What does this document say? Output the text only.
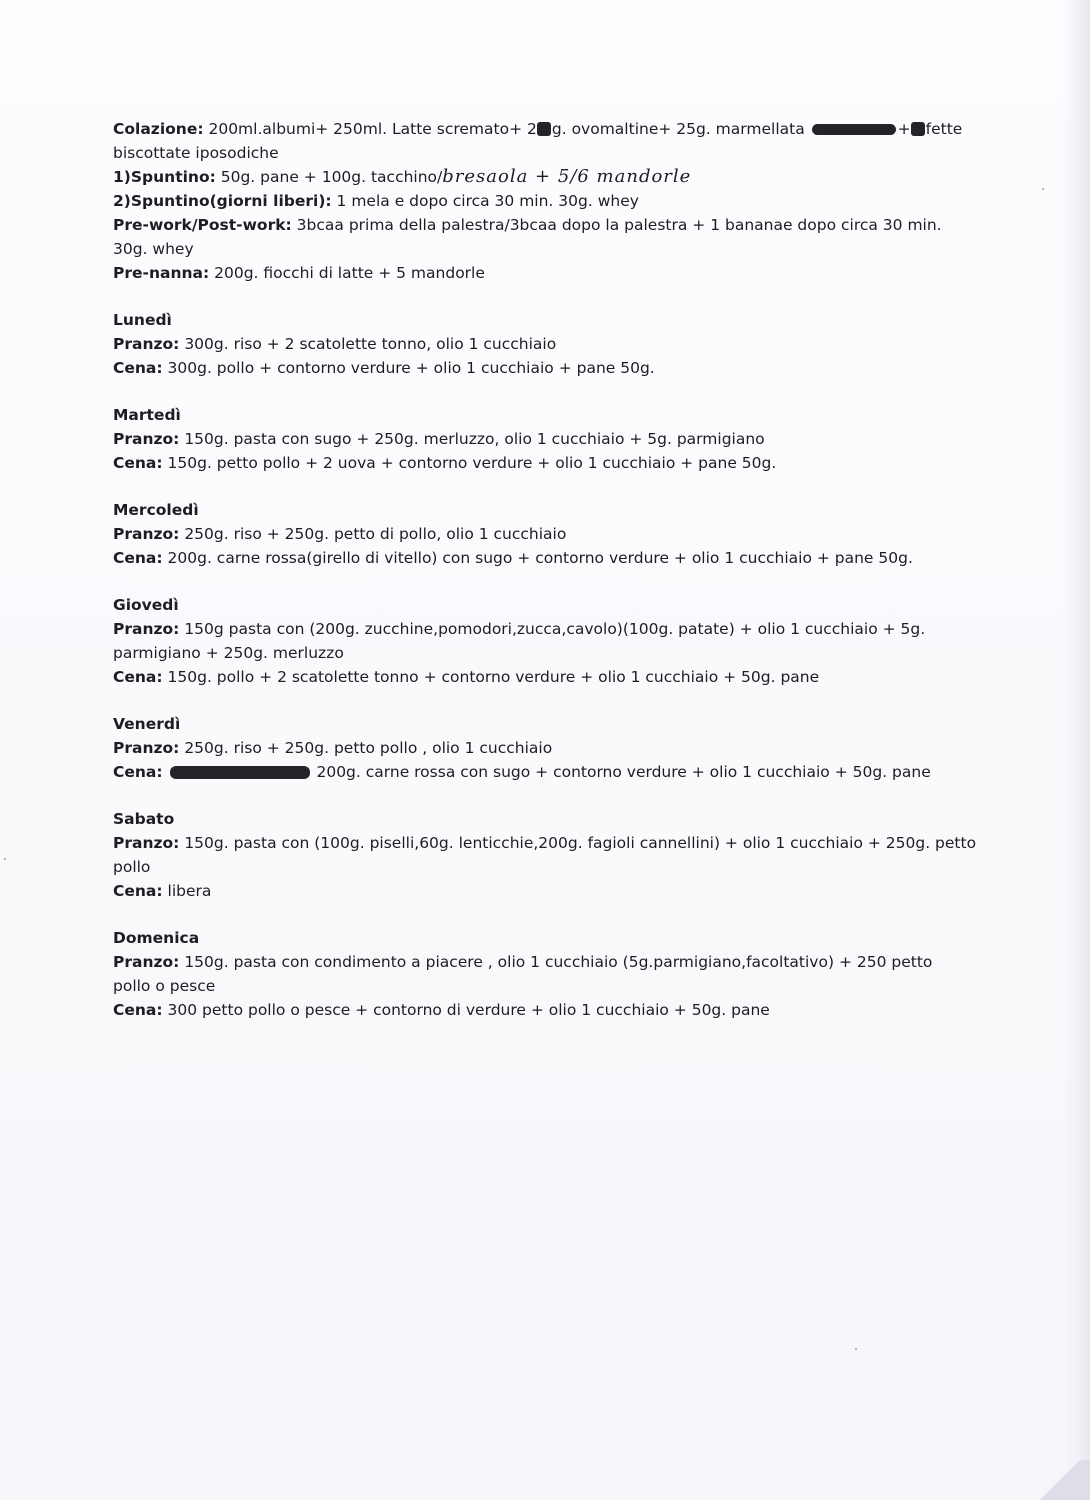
Colazione: 200ml.albumi+ 250ml. Latte scremato+ 2 g. ovomaltine+ 25g. marmellata	+ fette

biscottate iposodiche

1)Spuntino: 50g. pane + 100g. tacchino/bresaola + 5/6 mandorle

2)Spuntino(giorni liberi): 1 mela e dopo circa 30 min. 30g. whey

Pre-work/Post-work: 3bcaa prima della palestra/3bcaa dopo la palestra + 1 bananae dopo circa 30 min.

30g. whey

Pre-nanna: 200g. fiocchi di latte + 5 mandorle

Lunedì

Pranzo: 300g. riso + 2 scatolette tonno, olio 1 cucchiaio

Cena: 300g. pollo + contorno verdure + olio 1 cucchiaio + pane 50g.

Martedì

Pranzo: 150g. pasta con sugo + 250g. merluzzo, olio 1 cucchiaio + 5g. parmigiano

Cena: 150g. petto pollo + 2 uova + contorno verdure + olio 1 cucchiaio + pane 50g.

Mercoledì

Pranzo: 250g. riso + 250g. petto di pollo, olio 1 cucchiaio

Cena: 200g. carne rossa(girello di vitello) con sugo + contorno verdure + olio 1 cucchiaio + pane 50g.

Giovedì

Pranzo: 150g pasta con (200g. zucchine,pomodori,zucca,cavolo)(100g. patate) + olio 1 cucchiaio + 5g.

parmigiano + 250g. merluzzo

Cena: 150g. pollo + 2 scatolette tonno + contorno verdure + olio 1 cucchiaio + 50g. pane

Venerdì

Pranzo: 250g. riso + 250g. petto pollo , olio 1 cucchiaio

Cena:	200g. carne rossa con sugo + contorno verdure + olio 1 cucchiaio + 50g. pane

Sabato

Pranzo: 150g. pasta con (100g. piselli,60g. lenticchie,200g. fagioli cannellini) + olio 1 cucchiaio + 250g. petto

pollo

Cena: libera

Domenica

Pranzo: 150g. pasta con condimento a piacere , olio 1 cucchiaio (5g.parmigiano,facoltativo) + 250 petto

pollo o pesce

Cena: 300 petto pollo o pesce + contorno di verdure + olio 1 cucchiaio + 50g. pane
